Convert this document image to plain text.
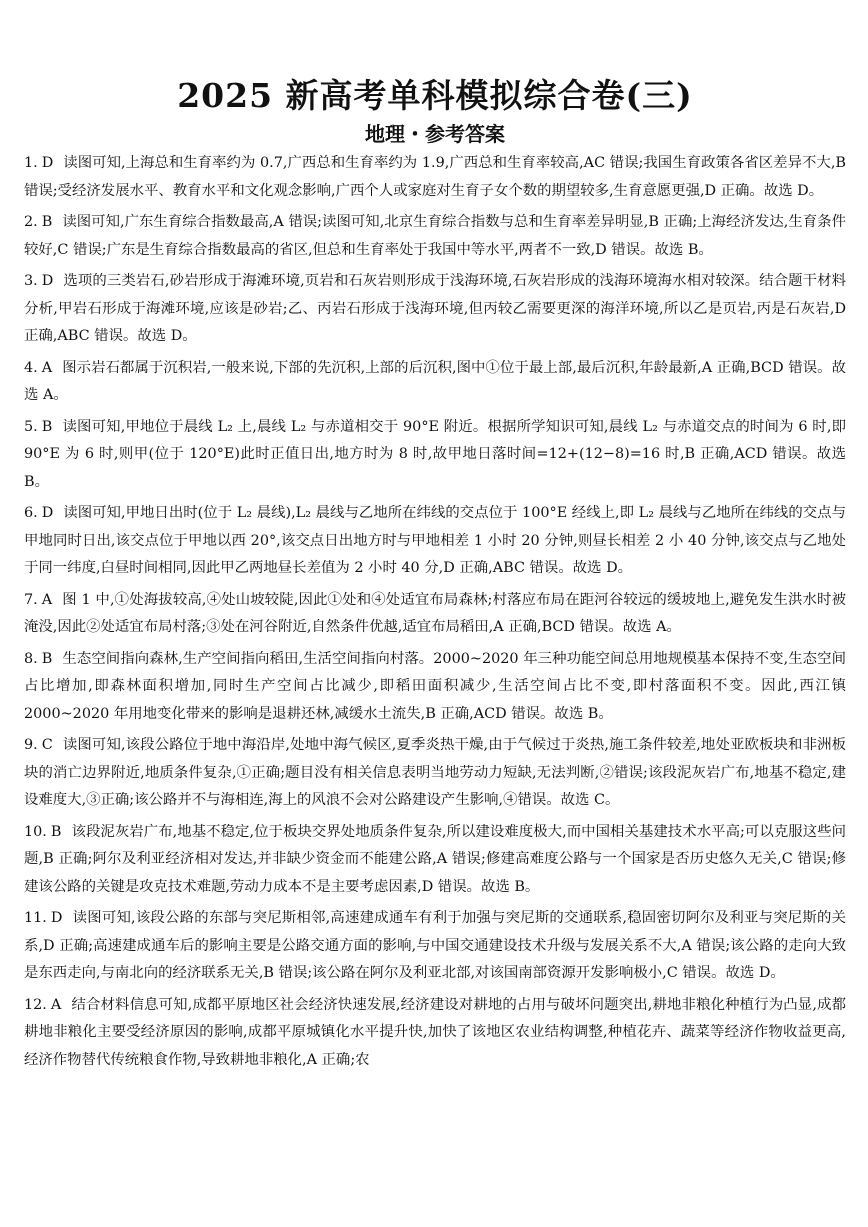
2025 新高考单科模拟综合卷(三)
地理・参考答案

1. D 读图可知,上海总和生育率约为 0.7,广西总和生育率约为 1.9,广西总和生育率较高,AC 错误;我国生育政策各省区差异不大,B 错误;受经济发展水平、教育水平和文化观念影响,广西个人或家庭对生育子女个数的期望较多,生育意愿更强,D 正确。故选 D。

2. B 读图可知,广东生育综合指数最高,A 错误;读图可知,北京生育综合指数与总和生育率差异明显,B 正确;上海经济发达,生育条件较好,C 错误;广东是生育综合指数最高的省区,但总和生育率处于我国中等水平,两者不一致,D 错误。故选 B。

3. D 选项的三类岩石,砂岩形成于海滩环境,页岩和石灰岩则形成于浅海环境,石灰岩形成的浅海环境海水相对较深。结合题干材料分析,甲岩石形成于海滩环境,应该是砂岩;乙、丙岩石形成于浅海环境,但丙较乙需要更深的海洋环境,所以乙是页岩,丙是石灰岩,D 正确,ABC 错误。故选 D。

4. A 图示岩石都属于沉积岩,一般来说,下部的先沉积,上部的后沉积,图中①位于最上部,最后沉积,年龄最新,A 正确,BCD 错误。故选 A。

5. B 读图可知,甲地位于晨线 L₂ 上,晨线 L₂ 与赤道相交于 90°E 附近。根据所学知识可知,晨线 L₂ 与赤道交点的时间为 6 时,即 90°E 为 6 时,则甲(位于 120°E)此时正值日出,地方时为 8 时,故甲地日落时间=12+(12−8)=16 时,B 正确,ACD 错误。故选 B。

6. D 读图可知,甲地日出时(位于 L₂ 晨线),L₂ 晨线与乙地所在纬线的交点位于 100°E 经线上,即 L₂ 晨线与乙地所在纬线的交点与甲地同时日出,该交点位于甲地以西 20°,该交点日出地方时与甲地相差 1 小时 20 分钟,则昼长相差 2 小 40 分钟,该交点与乙地处于同一纬度,白昼时间相同,因此甲乙两地昼长差值为 2 小时 40 分,D 正确,ABC 错误。故选 D。

7. A 图 1 中,①处海拔较高,④处山坡较陡,因此①处和④处适宜布局森林;村落应布局在距河谷较远的缓坡地上,避免发生洪水时被淹没,因此②处适宜布局村落;③处在河谷附近,自然条件优越,适宜布局稻田,A 正确,BCD 错误。故选 A。

8. B 生态空间指向森林,生产空间指向稻田,生活空间指向村落。2000~2020 年三种功能空间总用地规模基本保持不变,生态空间占比增加,即森林面积增加,同时生产空间占比减少,即稻田面积减少,生活空间占比不变,即村落面积不变。因此,西江镇 2000~2020 年用地变化带来的影响是退耕还林,减缓水土流失,B 正确,ACD 错误。故选 B。

9. C 读图可知,该段公路位于地中海沿岸,处地中海气候区,夏季炎热干燥,由于气候过于炎热,施工条件较差,地处亚欧板块和非洲板块的消亡边界附近,地质条件复杂,①正确;题目没有相关信息表明当地劳动力短缺,无法判断,②错误;该段泥灰岩广布,地基不稳定,建设难度大,③正确;该公路并不与海相连,海上的风浪不会对公路建设产生影响,④错误。故选 C。

10. B 该段泥灰岩广布,地基不稳定,位于板块交界处地质条件复杂,所以建设难度极大,而中国相关基建技术水平高;可以克服这些问题,B 正确;阿尔及利亚经济相对发达,并非缺少资金而不能建公路,A 错误;修建高难度公路与一个国家是否历史悠久无关,C 错误;修建该公路的关键是攻克技术难题,劳动力成本不是主要考虑因素,D 错误。故选 B。

11. D 读图可知,该段公路的东部与突尼斯相邻,高速建成通车有利于加强与突尼斯的交通联系,稳固密切阿尔及利亚与突尼斯的关系,D 正确;高速建成通车后的影响主要是公路交通方面的影响,与中国交通建设技术升级与发展关系不大,A 错误;该公路的走向大致是东西走向,与南北向的经济联系无关,B 错误;该公路在阿尔及利亚北部,对该国南部资源开发影响极小,C 错误。故选 D。

12. A 结合材料信息可知,成都平原地区社会经济快速发展,经济建设对耕地的占用与破坏问题突出,耕地非粮化种植行为凸显,成都耕地非粮化主要受经济原因的影响,成都平原城镇化水平提升快,加快了该地区农业结构调整,种植花卉、蔬菜等经济作物收益更高,经济作物替代传统粮食作物,导致耕地非粮化,A 正确;农
